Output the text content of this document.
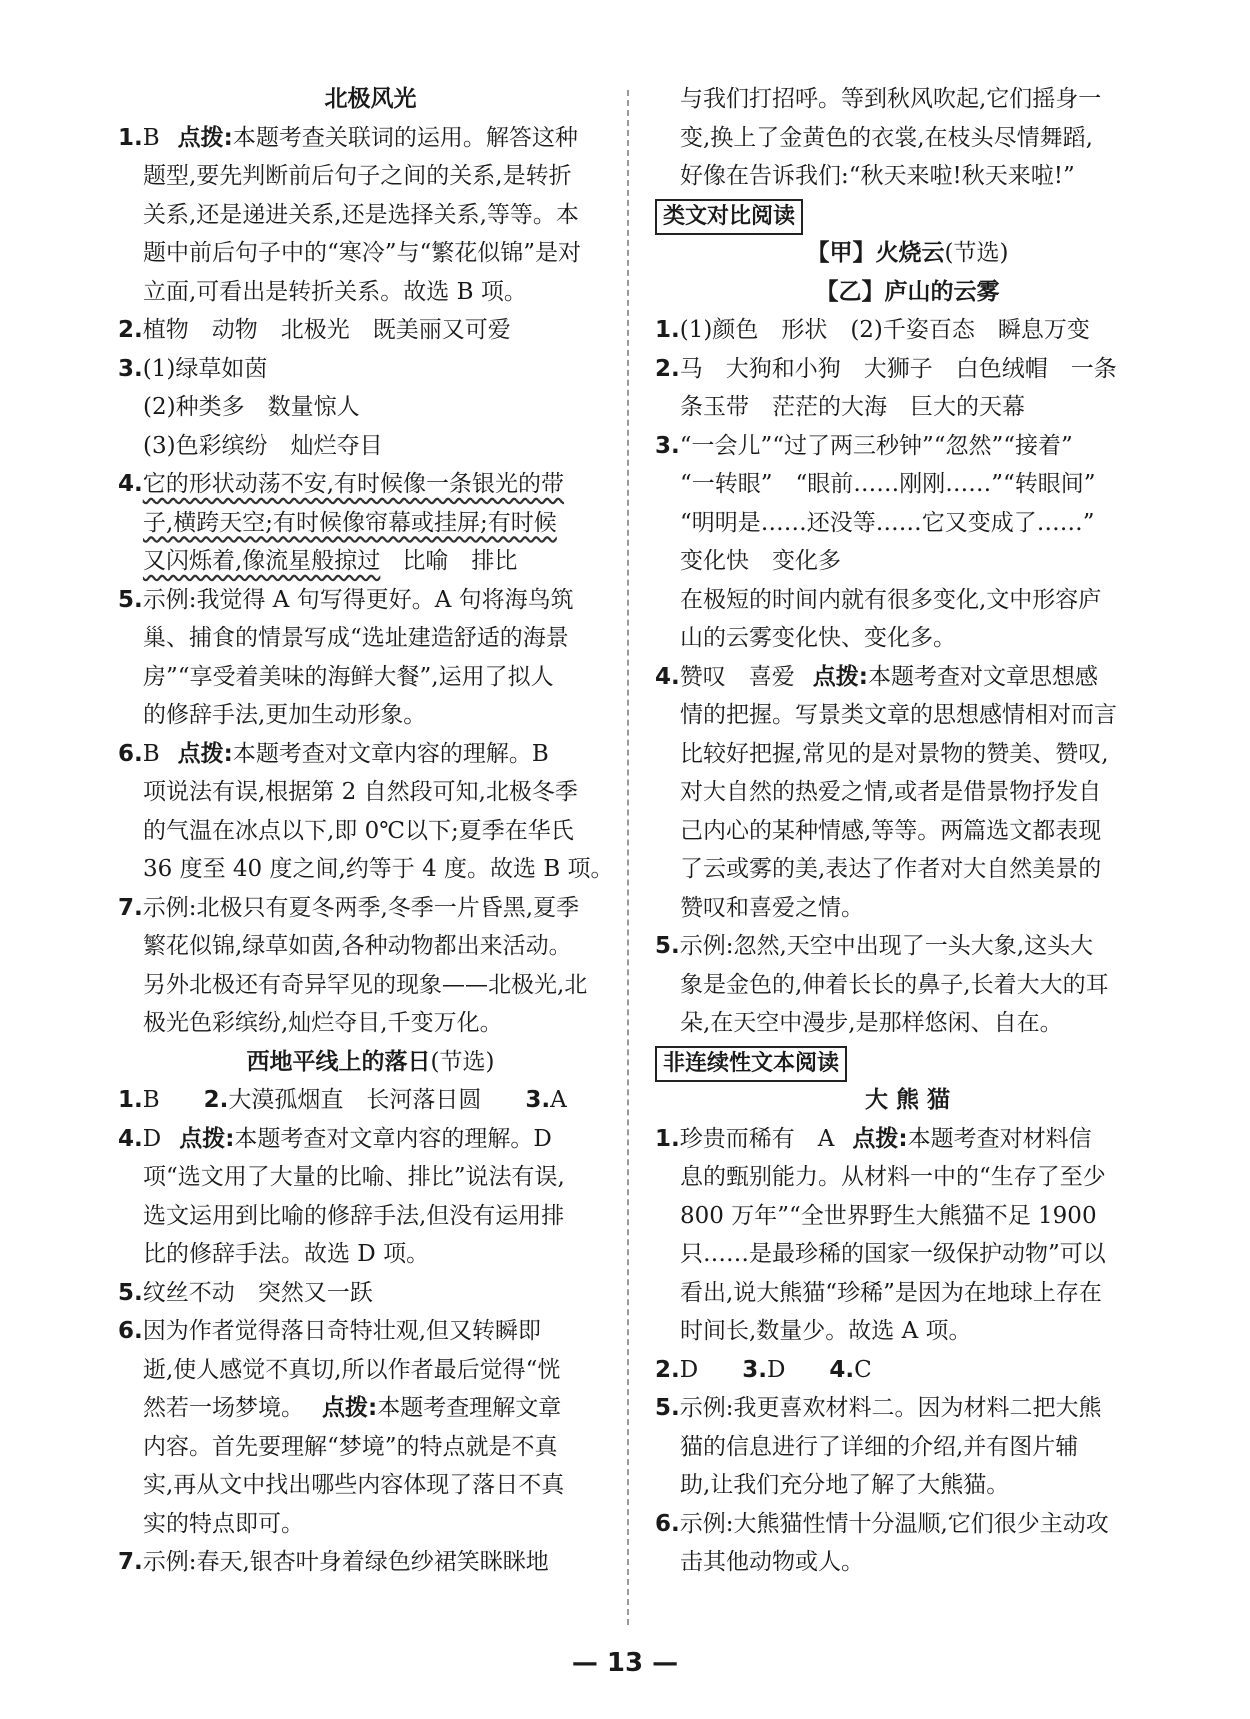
北极风光
1.B 点拨:本题考查关联词的运用。解答这种
题型,要先判断前后句子之间的关系,是转折
关系,还是递进关系,还是选择关系,等等。本
题中前后句子中的“寒冷”与“繁花似锦”是对
立面,可看出是转折关系。故选 B 项。
2.植物　动物　北极光　既美丽又可爱
3.(1)绿草如茵
(2)种类多　数量惊人
(3)色彩缤纷　灿烂夺目
4.它的形状动荡不安,有时候像一条银光的带
子,横跨天空;有时候像帘幕或挂屏;有时候
又闪烁着,像流星般掠过 比喻　排比
5.示例:我觉得 A 句写得更好。A 句将海鸟筑
巢、捕食的情景写成“选址建造舒适的海景
房”“享受着美味的海鲜大餐”,运用了拟人
的修辞手法,更加生动形象。
6.B 点拨:本题考查对文章内容的理解。B
项说法有误,根据第 2 自然段可知,北极冬季
的气温在冰点以下,即 0℃以下;夏季在华氏
36 度至 40 度之间,约等于 4 度。故选 B 项。
7.示例:北极只有夏冬两季,冬季一片昏黑,夏季
繁花似锦,绿草如茵,各种动物都出来活动。
另外北极还有奇异罕见的现象——北极光,北
极光色彩缤纷,灿烂夺目,千变万化。
西地平线上的落日(节选)
1.B 2.大漠孤烟直　长河落日圆 3.A
4.D 点拨:本题考查对文章内容的理解。D
项“选文用了大量的比喻、排比”说法有误,
选文运用到比喻的修辞手法,但没有运用排
比的修辞手法。故选 D 项。
5.纹丝不动　突然又一跃
6.因为作者觉得落日奇特壮观,但又转瞬即
逝,使人感觉不真切,所以作者最后觉得“恍
然若一场梦境。 点拨:本题考查理解文章
内容。首先要理解“梦境”的特点就是不真
实,再从文中找出哪些内容体现了落日不真
实的特点即可。
7.示例:春天,银杏叶身着绿色纱裙笑眯眯地
与我们打招呼。等到秋风吹起,它们摇身一
变,换上了金黄色的衣裳,在枝头尽情舞蹈,
好像在告诉我们:“秋天来啦!秋天来啦!”
类文对比阅读
【甲】火烧云(节选)
【乙】庐山的云雾
1.(1)颜色　形状　(2)千姿百态　瞬息万变
2.马　大狗和小狗　大狮子　白色绒帽　一条
条玉带　茫茫的大海　巨大的天幕
3.“一会儿”“过了两三秒钟”“忽然”“接着”
“一转眼”　“眼前……刚刚……”“转眼间”
“明明是……还没等……它又变成了……”
变化快　变化多
在极短的时间内就有很多变化,文中形容庐
山的云雾变化快、变化多。
4.赞叹　喜爱 点拨:本题考查对文章思想感
情的把握。写景类文章的思想感情相对而言
比较好把握,常见的是对景物的赞美、赞叹,
对大自然的热爱之情,或者是借景物抒发自
己内心的某种情感,等等。两篇选文都表现
了云或雾的美,表达了作者对大自然美景的
赞叹和喜爱之情。
5.示例:忽然,天空中出现了一头大象,这头大
象是金色的,伸着长长的鼻子,长着大大的耳
朵,在天空中漫步,是那样悠闲、自在。
非连续性文本阅读
大 熊 猫
1.珍贵而稀有　A 点拨:本题考查对材料信
息的甄别能力。从材料一中的“生存了至少
800 万年”“全世界野生大熊猫不足 1900
只……是最珍稀的国家一级保护动物”可以
看出,说大熊猫“珍稀”是因为在地球上存在
时间长,数量少。故选 A 项。
2.D 3.D 4.C
5.示例:我更喜欢材料二。因为材料二把大熊
猫的信息进行了详细的介绍,并有图片辅
助,让我们充分地了解了大熊猫。
6.示例:大熊猫性情十分温顺,它们很少主动攻
击其他动物或人。
— 13 —
